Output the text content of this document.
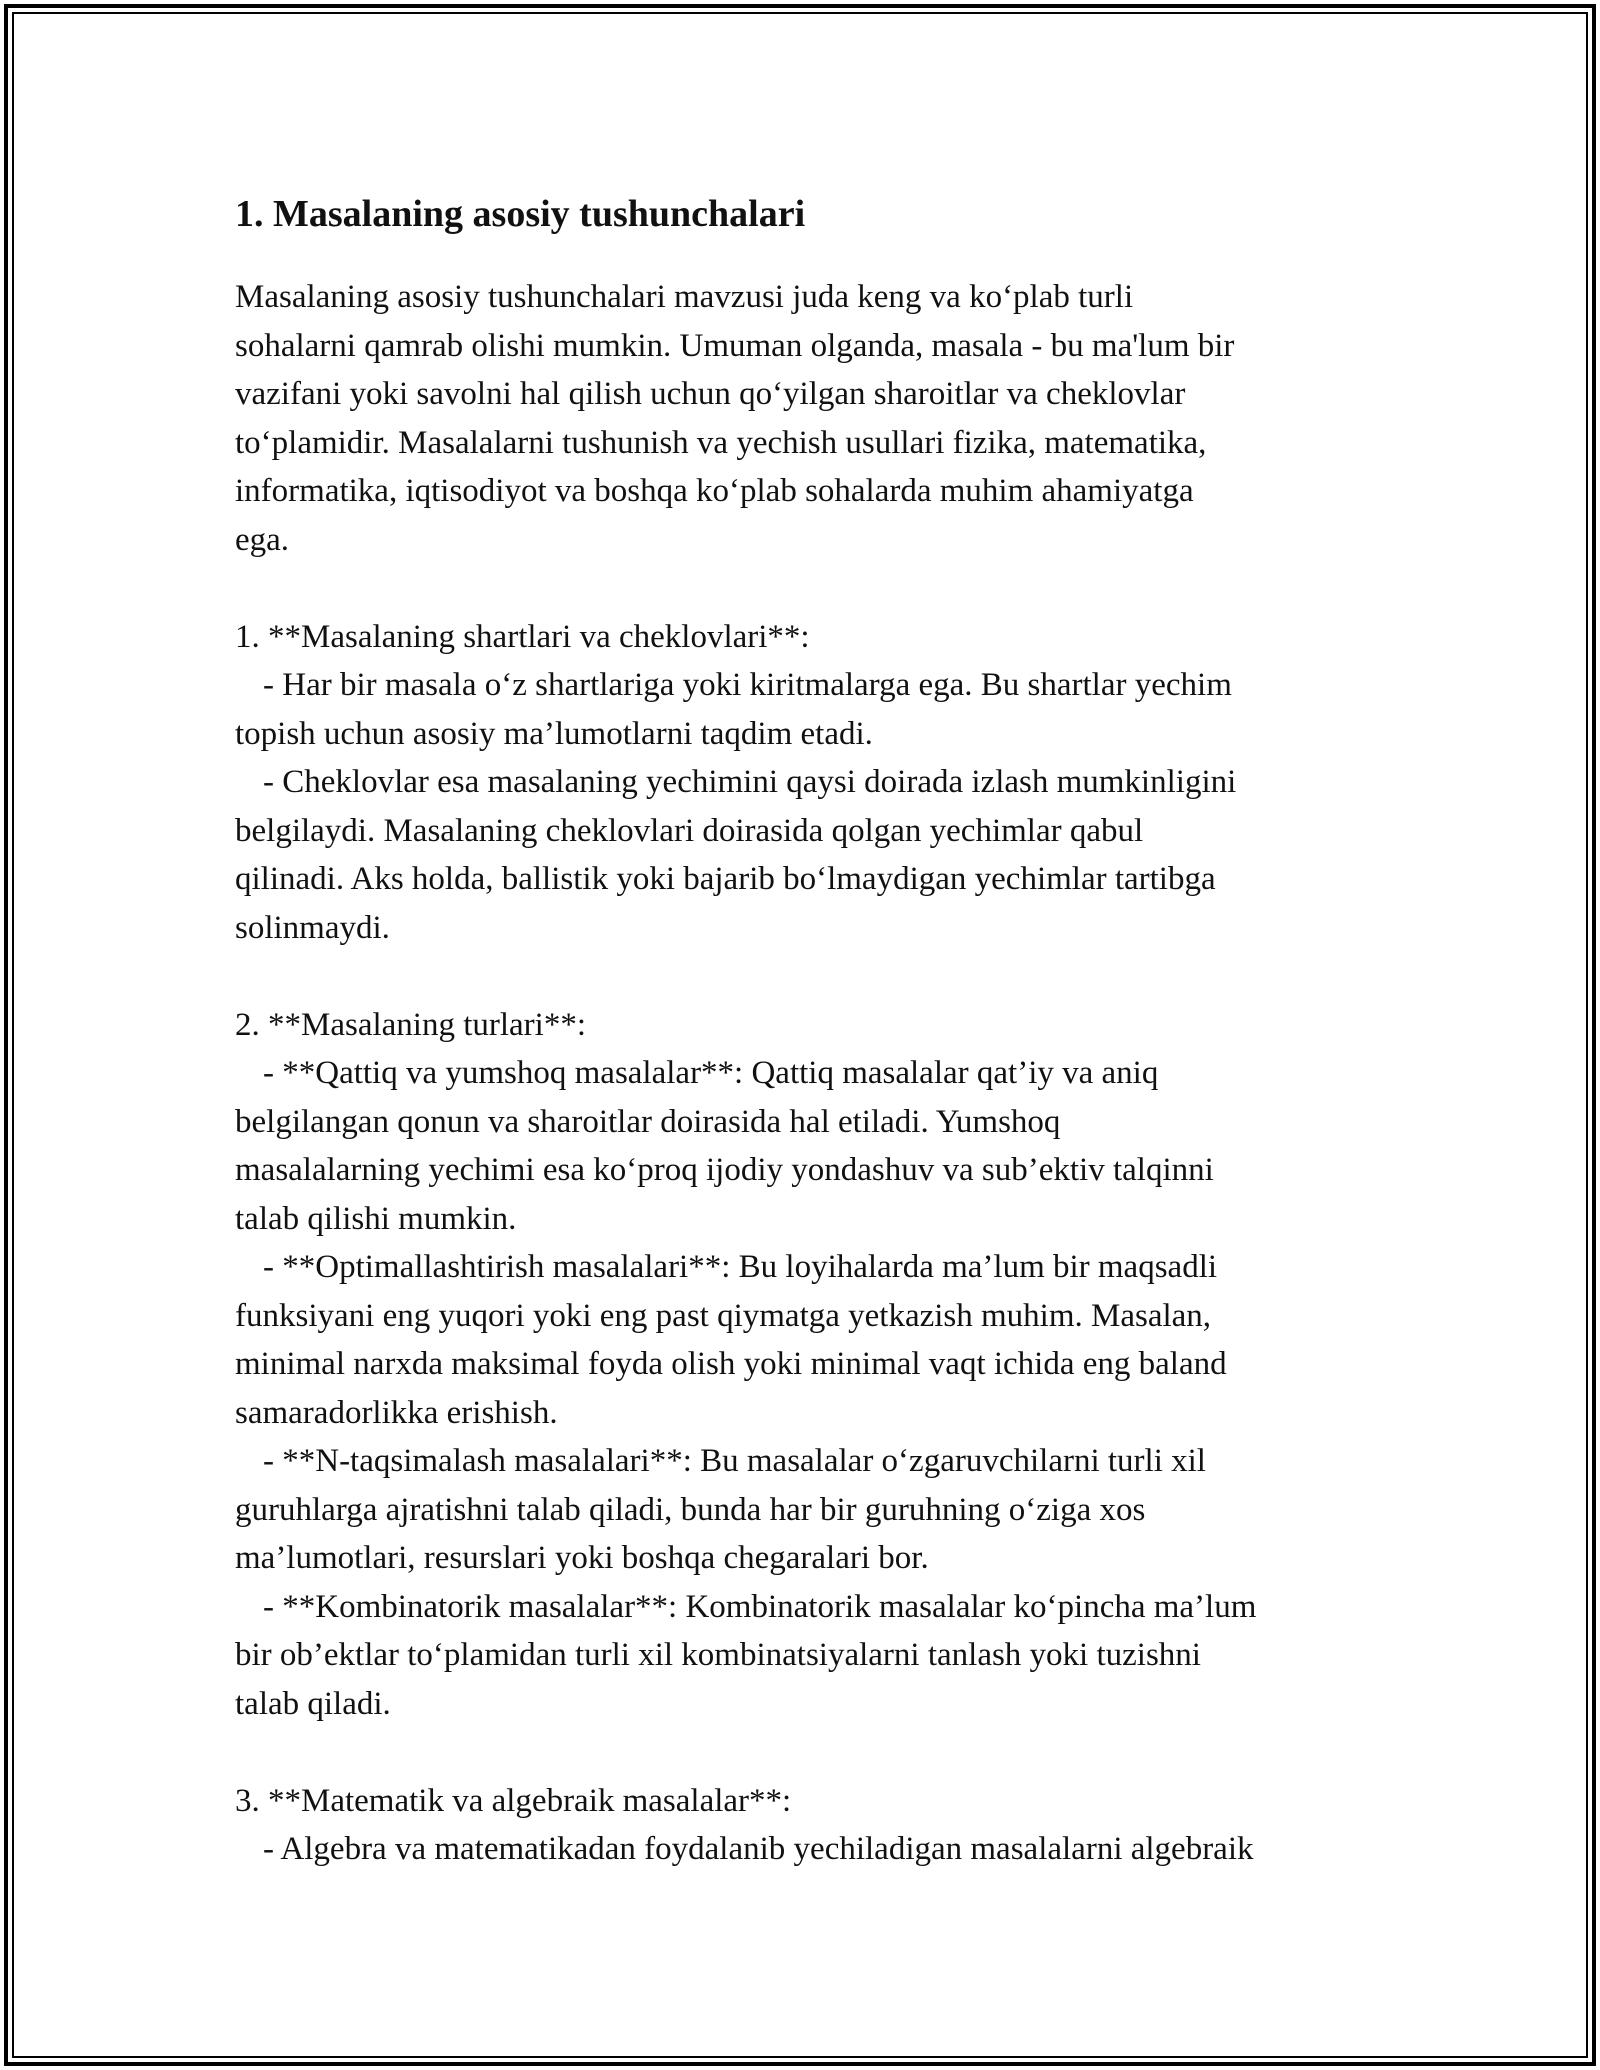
1. Masalaning asosiy tushunchalari
Masalaning asosiy tushunchalari mavzusi juda keng va ko‘plab turli
sohalarni qamrab olishi mumkin. Umuman olganda, masala - bu ma'lum bir
vazifani yoki savolni hal qilish uchun qo‘yilgan sharoitlar va cheklovlar
to‘plamidir. Masalalarni tushunish va yechish usullari fizika, matematika,
informatika, iqtisodiyot va boshqa ko‘plab sohalarda muhim ahamiyatga
ega.
1. **Masalaning shartlari va cheklovlari**:
- Har bir masala o‘z shartlariga yoki kiritmalarga ega. Bu shartlar yechim
topish uchun asosiy ma’lumotlarni taqdim etadi.
- Cheklovlar esa masalaning yechimini qaysi doirada izlash mumkinligini
belgilaydi. Masalaning cheklovlari doirasida qolgan yechimlar qabul
qilinadi. Aks holda, ballistik yoki bajarib bo‘lmaydigan yechimlar tartibga
solinmaydi.
2. **Masalaning turlari**:
- **Qattiq va yumshoq masalalar**: Qattiq masalalar qat’iy va aniq
belgilangan qonun va sharoitlar doirasida hal etiladi. Yumshoq
masalalarning yechimi esa ko‘proq ijodiy yondashuv va sub’ektiv talqinni
talab qilishi mumkin.
- **Optimallashtirish masalalari**: Bu loyihalarda ma’lum bir maqsadli
funksiyani eng yuqori yoki eng past qiymatga yetkazish muhim. Masalan,
minimal narxda maksimal foyda olish yoki minimal vaqt ichida eng baland
samaradorlikka erishish.
- **N-taqsimalash masalalari**: Bu masalalar o‘zgaruvchilarni turli xil
guruhlarga ajratishni talab qiladi, bunda har bir guruhning o‘ziga xos
ma’lumotlari, resurslari yoki boshqa chegaralari bor.
- **Kombinatorik masalalar**: Kombinatorik masalalar ko‘pincha ma’lum
bir ob’ektlar to‘plamidan turli xil kombinatsiyalarni tanlash yoki tuzishni
talab qiladi.
3. **Matematik va algebraik masalalar**:
- Algebra va matematikadan foydalanib yechiladigan masalalarni algebraik
